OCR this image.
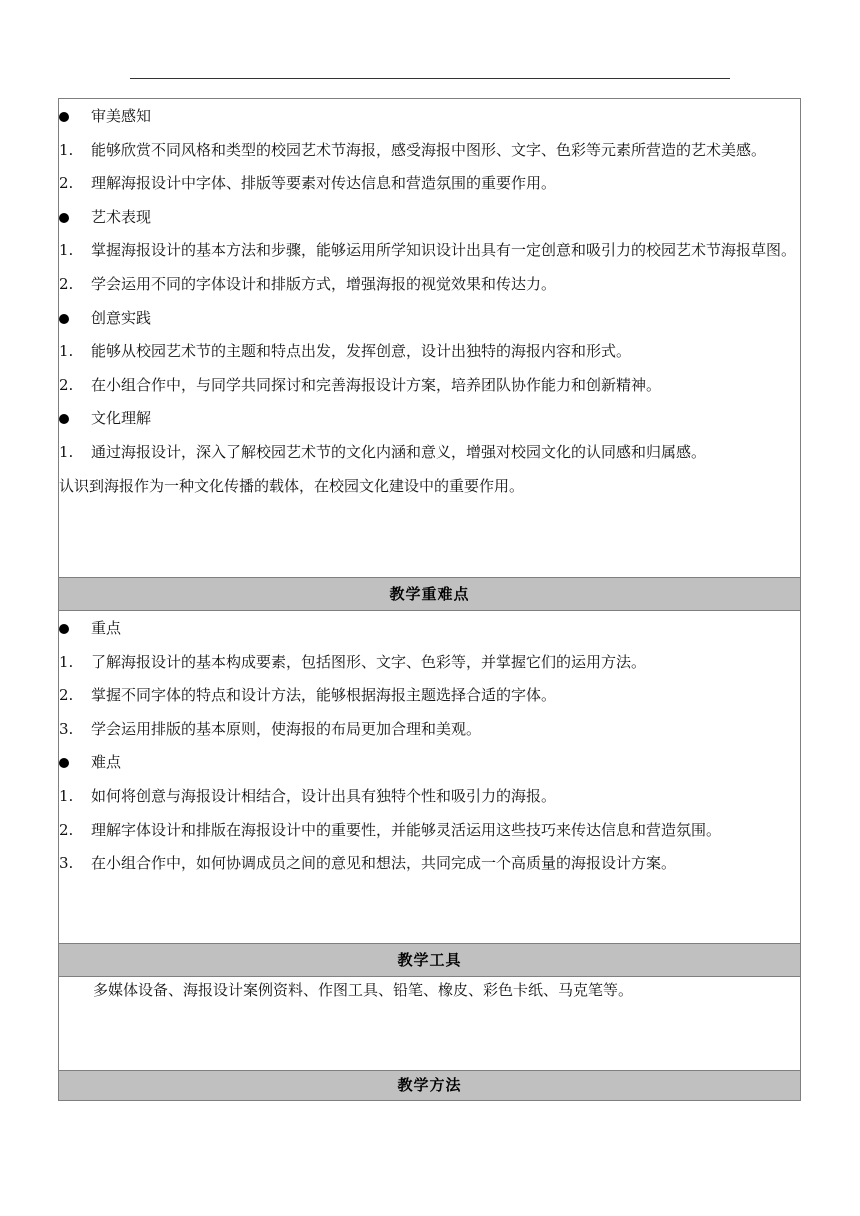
审美感知
1. 能够欣赏不同风格和类型的校园艺术节海报，感受海报中图形、文字、色彩等元素所营造的艺术美感。
2. 理解海报设计中字体、排版等要素对传达信息和营造氛围的重要作用。
艺术表现
1. 掌握海报设计的基本方法和步骤，能够运用所学知识设计出具有一定创意和吸引力的校园艺术节海报草图。
2. 学会运用不同的字体设计和排版方式，增强海报的视觉效果和传达力。
创意实践
1. 能够从校园艺术节的主题和特点出发，发挥创意，设计出独特的海报内容和形式。
2. 在小组合作中，与同学共同探讨和完善海报设计方案，培养团队协作能力和创新精神。
文化理解
1. 通过海报设计，深入了解校园艺术节的文化内涵和意义，增强对校园文化的认同感和归属感。
认识到海报作为一种文化传播的载体，在校园文化建设中的重要作用。
教学重难点
重点
1. 了解海报设计的基本构成要素，包括图形、文字、色彩等，并掌握它们的运用方法。
2. 掌握不同字体的特点和设计方法，能够根据海报主题选择合适的字体。
3. 学会运用排版的基本原则，使海报的布局更加合理和美观。
难点
1. 如何将创意与海报设计相结合，设计出具有独特个性和吸引力的海报。
2. 理解字体设计和排版在海报设计中的重要性，并能够灵活运用这些技巧来传达信息和营造氛围。
3. 在小组合作中，如何协调成员之间的意见和想法，共同完成一个高质量的海报设计方案。
教学工具
多媒体设备、海报设计案例资料、作图工具、铅笔、橡皮、彩色卡纸、马克笔等。
教学方法
